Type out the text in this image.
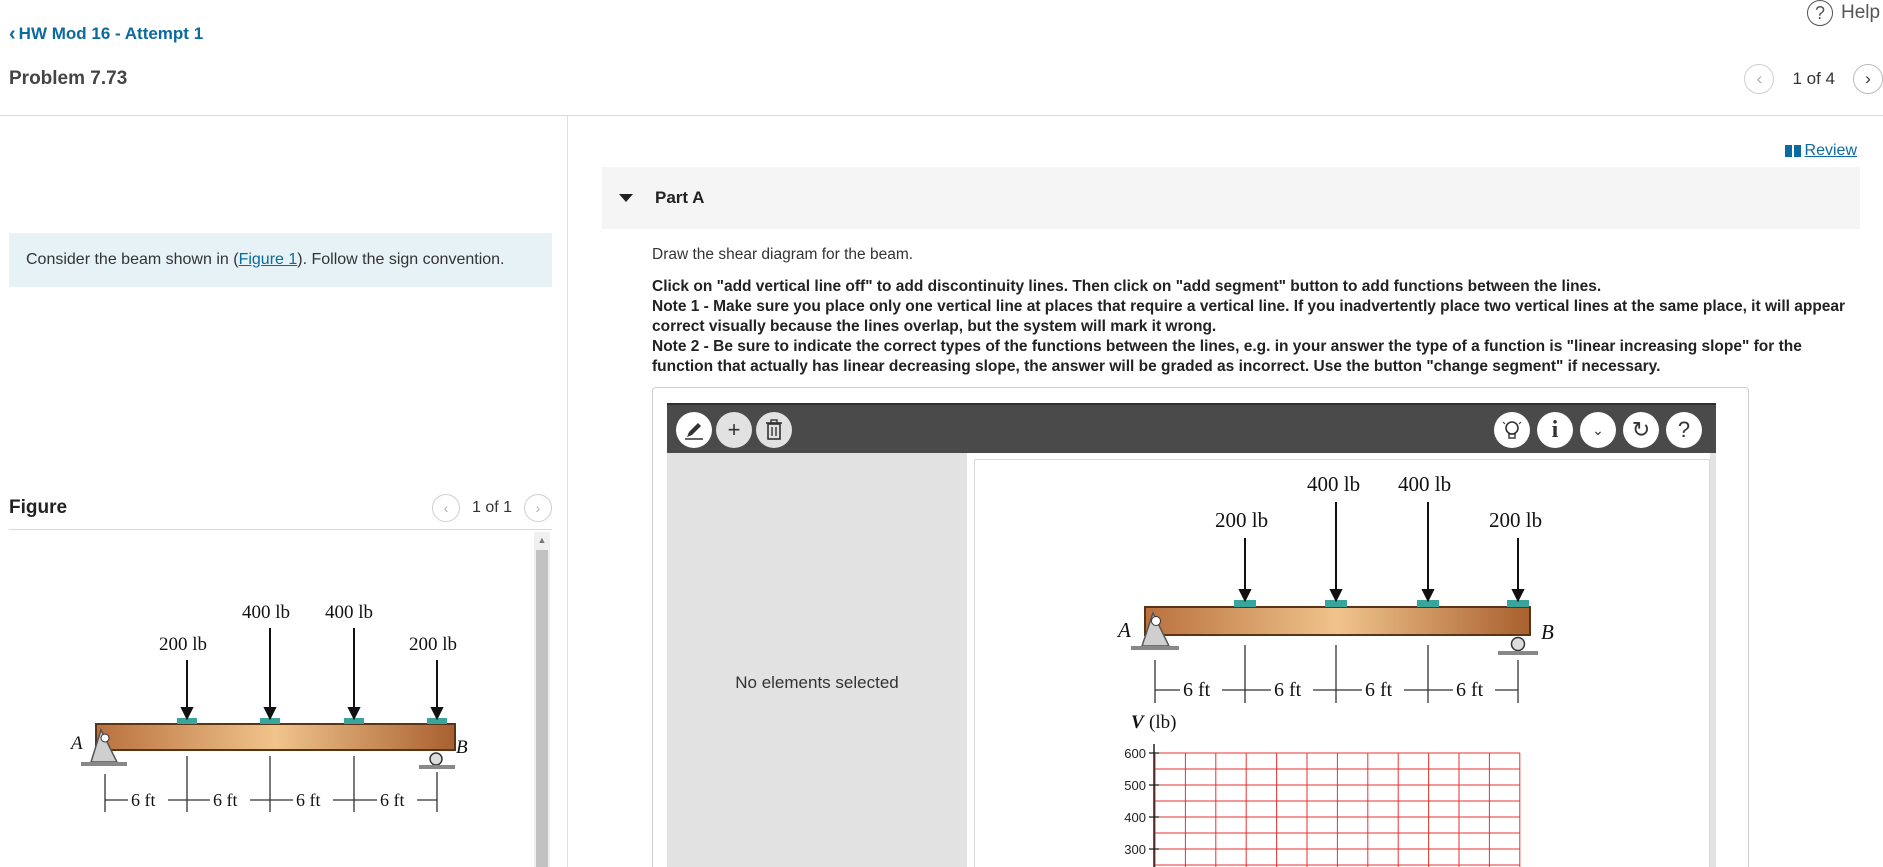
? Help
‹ HW Mod 16 - Attempt 1
Problem 7.73	‹ 1 of 4 ›
Consider the beam shown in ( Figure 1 ). Follow the sign convention.
Figure	‹ 1 of 1 ›
200 lb
400 lb 400 lb
200 lb
A	B
6 ft	6 ft	6 ft	6 ft
▲
Review
Part A
Draw the shear diagram for the beam.
Click on "add vertical line off" to add discontinuity lines. Then click on "add segment" button to add functions between the lines.
Note 1 - Make sure you place only one vertical line at places that require a vertical line. If you inadvertently place two vertical lines at the same place, it will appear correct visually because the lines overlap, but the system will mark it wrong.
Note 2 - Be sure to indicate the correct types of the functions between the lines, e.g. in your answer the type of a function is "linear increasing slope" for the function that actually has linear decreasing slope, the answer will be graded as incorrect. Use the button "change segment" if necessary.
+	i ⌄ ↻ ?
No elements selected
200 lb
400 lb 400 lb
200 lb
A	B
6 ft	6 ft	6 ft	6 ft
V (lb)
600
500
400
300
